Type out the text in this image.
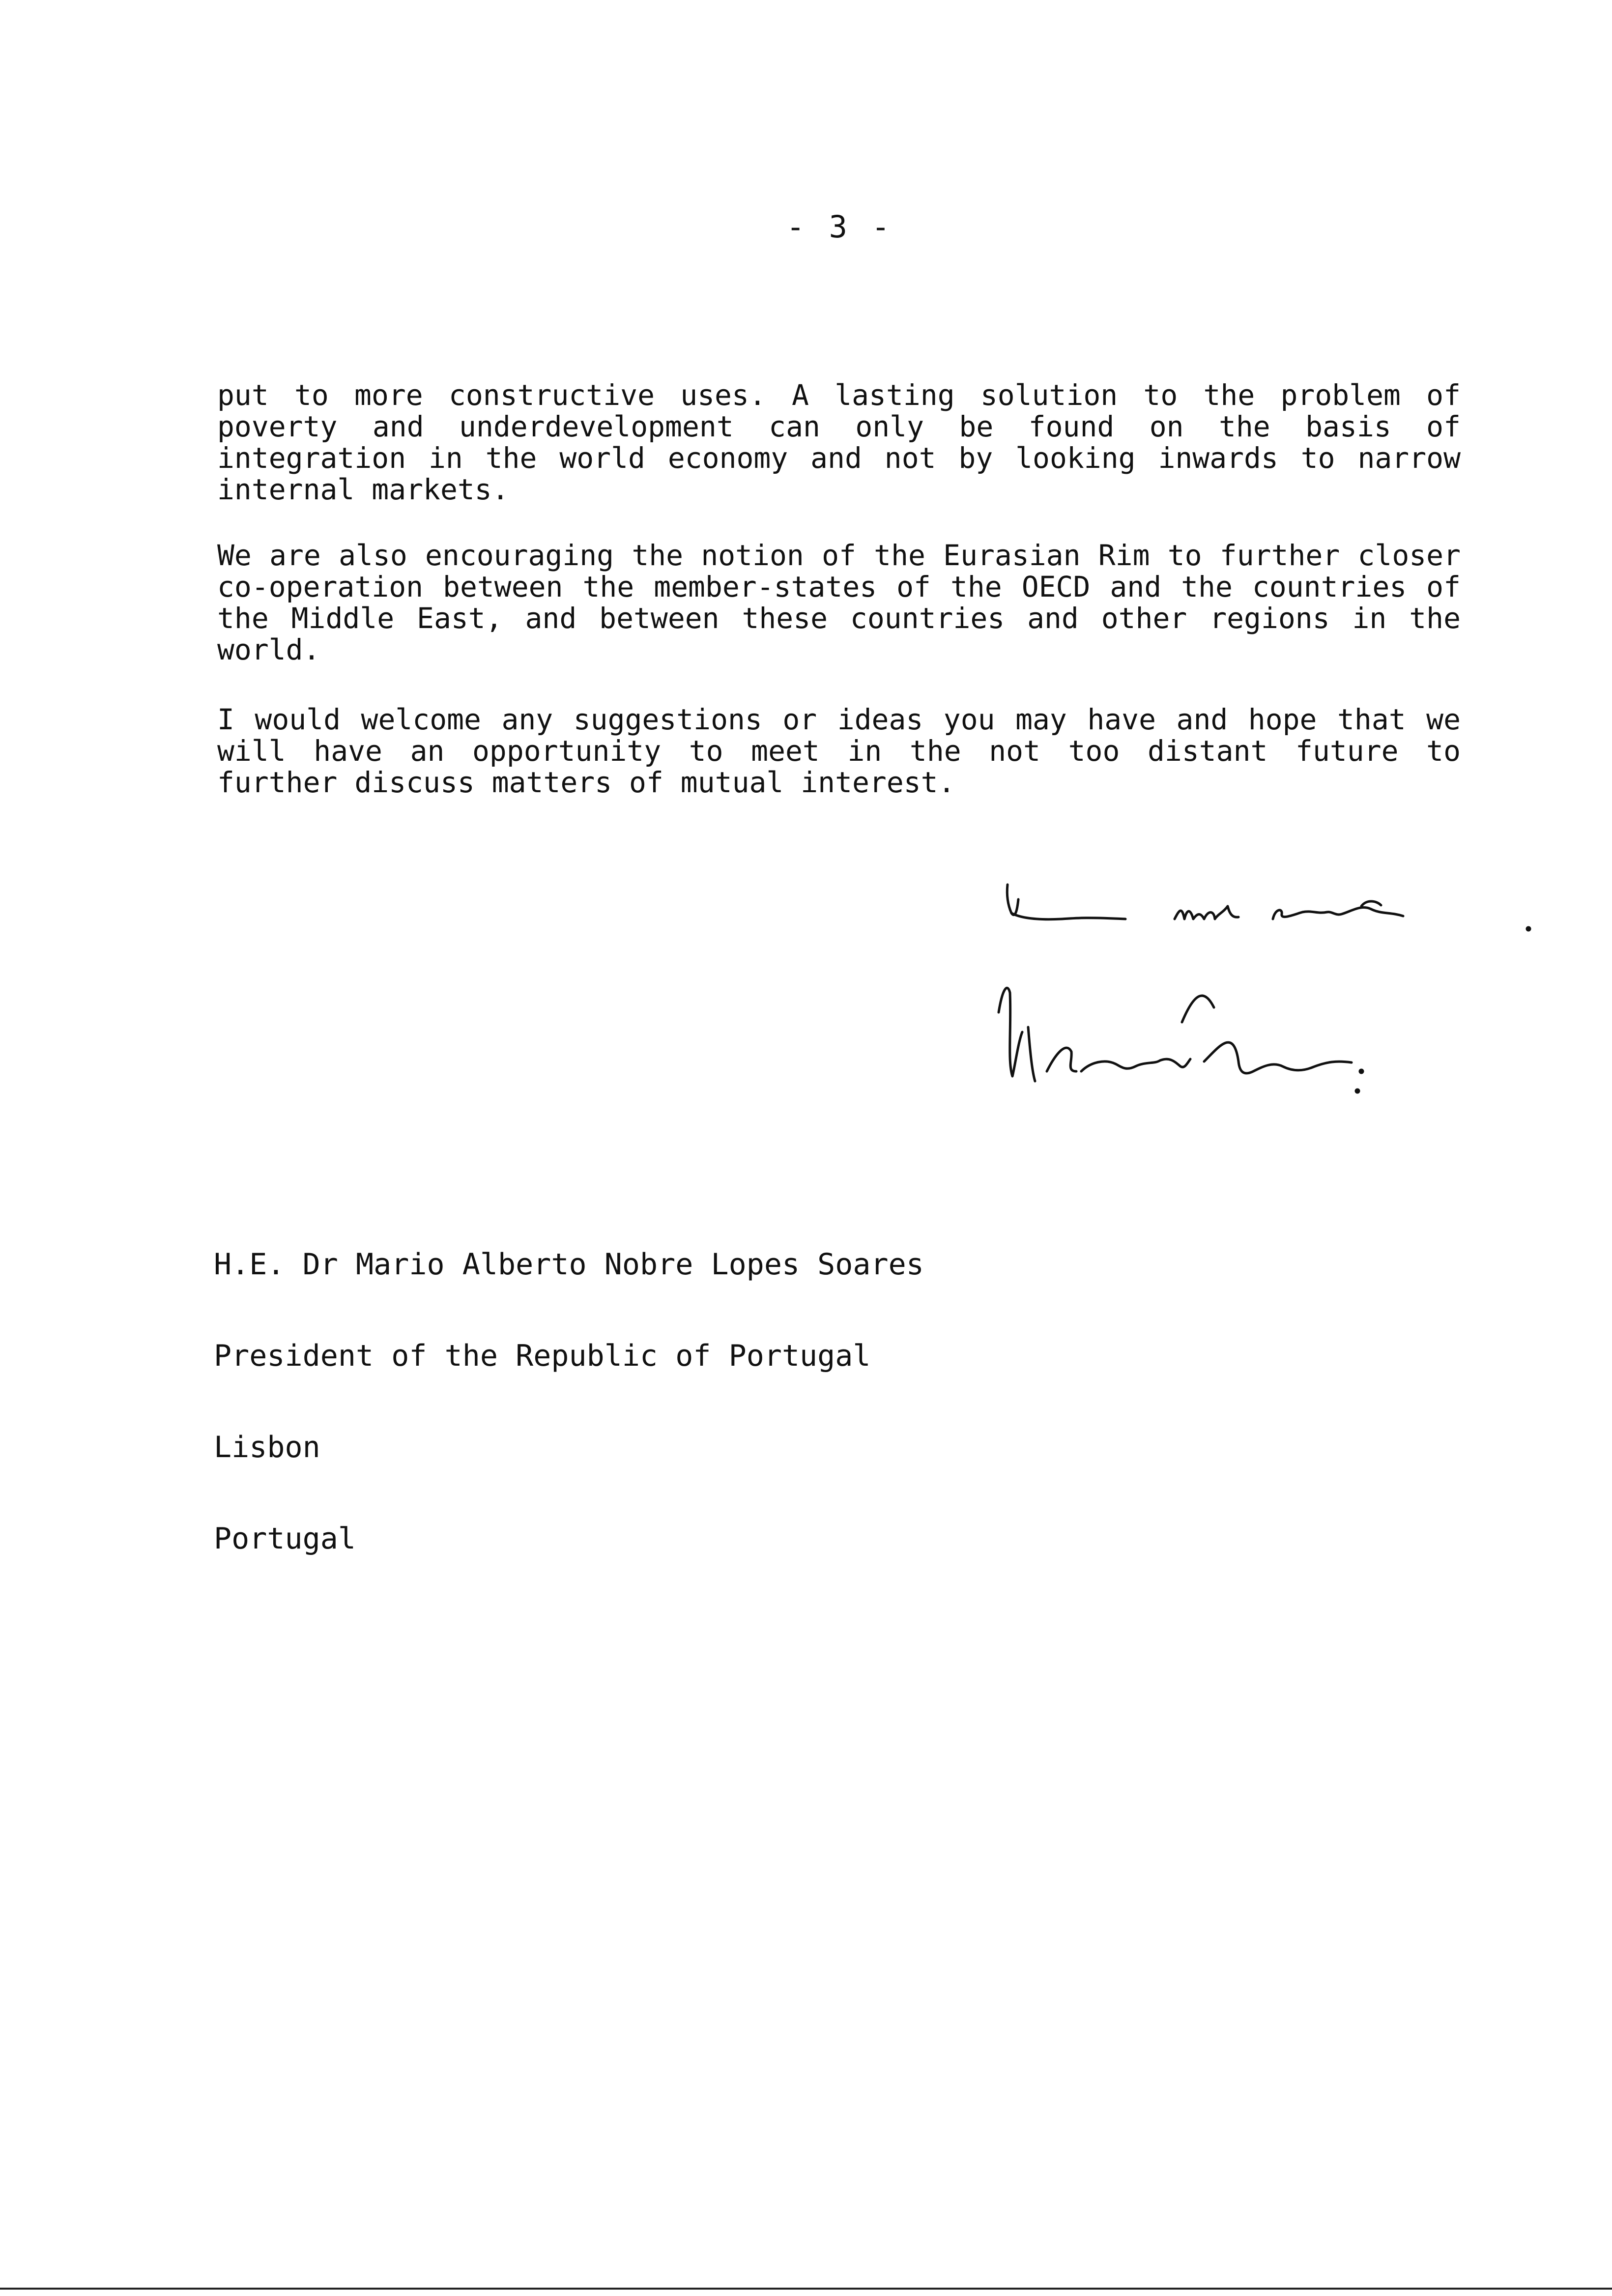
- 3 -

put to more constructive uses. A lasting solution to the problem of poverty and underdevelopment can only be found on the basis of integration in the world economy and not by looking inwards to narrow internal markets.

We are also encouraging the notion of the Eurasian Rim to further closer co-operation between the member-states of the OECD and the countries of the Middle East, and between these countries and other regions in the world.

I would welcome any suggestions or ideas you may have and hope that we will have an opportunity to meet in the not too distant future to further discuss matters of mutual interest.

H.E. Dr Mario Alberto Nobre Lopes Soares

President of the Republic of Portugal

Lisbon

Portugal
